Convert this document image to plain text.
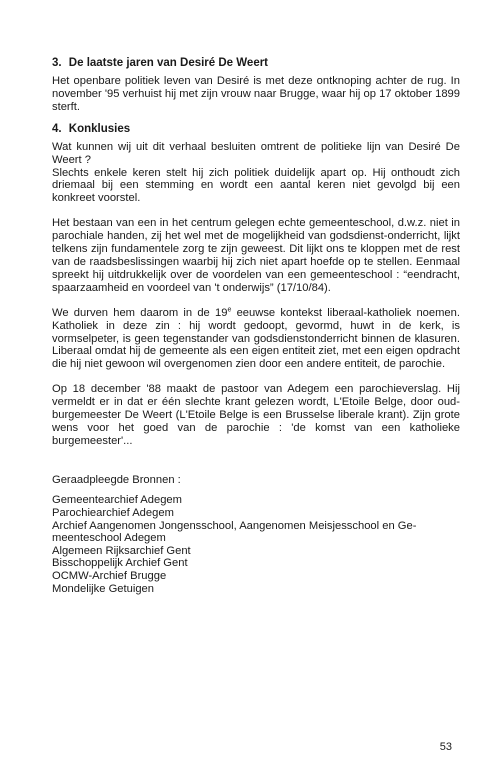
3. De laatste jaren van Desiré De Weert

Het openbare politiek leven van Desiré is met deze ontknoping achter de rug. In november '95 verhuist hij met zijn vrouw naar Brugge, waar hij op 17 oktober 1899 sterft.

4. Konklusies

Wat kunnen wij uit dit verhaal besluiten omtrent de politieke lijn van Desiré De Weert ?

Slechts enkele keren stelt hij zich politiek duidelijk apart op. Hij onthoudt zich driemaal bij een stemming en wordt een aantal keren niet gevolgd bij een konkreet voorstel.

Het bestaan van een in het centrum gelegen echte gemeenteschool, d.w.z. niet in parochiale handen, zij het wel met de mogelijkheid van godsdienst-onderricht, lijkt telkens zijn fundamentele zorg te zijn geweest. Dit lijkt ons te kloppen met de rest van de raadsbeslissingen waarbij hij zich niet apart hoefde op te stellen. Eenmaal spreekt hij uitdrukkelijk over de voordelen van een gemeenteschool : “eendracht, spaarzaamheid en voordeel van 't onderwijs” (17/10/84).

We durven hem daarom in de 19e eeuwse kontekst liberaal-katholiek noemen. Katholiek in deze zin : hij wordt gedoopt, gevormd, huwt in de kerk, is vormselpeter, is geen tegenstander van godsdienstonderricht binnen de klasuren. Liberaal omdat hij de gemeente als een eigen entiteit ziet, met een eigen opdracht die hij niet gewoon wil overgenomen zien door een andere entiteit, de parochie.

Op 18 december '88 maakt de pastoor van Adegem een parochieverslag. Hij vermeldt er in dat er één slechte krant gelezen wordt, L'Etoile Belge, door oud-burgemeester De Weert (L'Etoile Belge is een Brusselse liberale krant). Zijn grote wens voor het goed van de parochie : 'de komst van een katholieke burgemeester'...

Geraadpleegde Bronnen :
Gemeentearchief Adegem
Parochiearchief Adegem
Archief Aangenomen Jongensschool, Aangenomen Meisjesschool en Ge-
meenteschool Adegem
Algemeen Rijksarchief Gent
Bisschoppelijk Archief Gent
OCMW-Archief Brugge
Mondelijke Getuigen
53
